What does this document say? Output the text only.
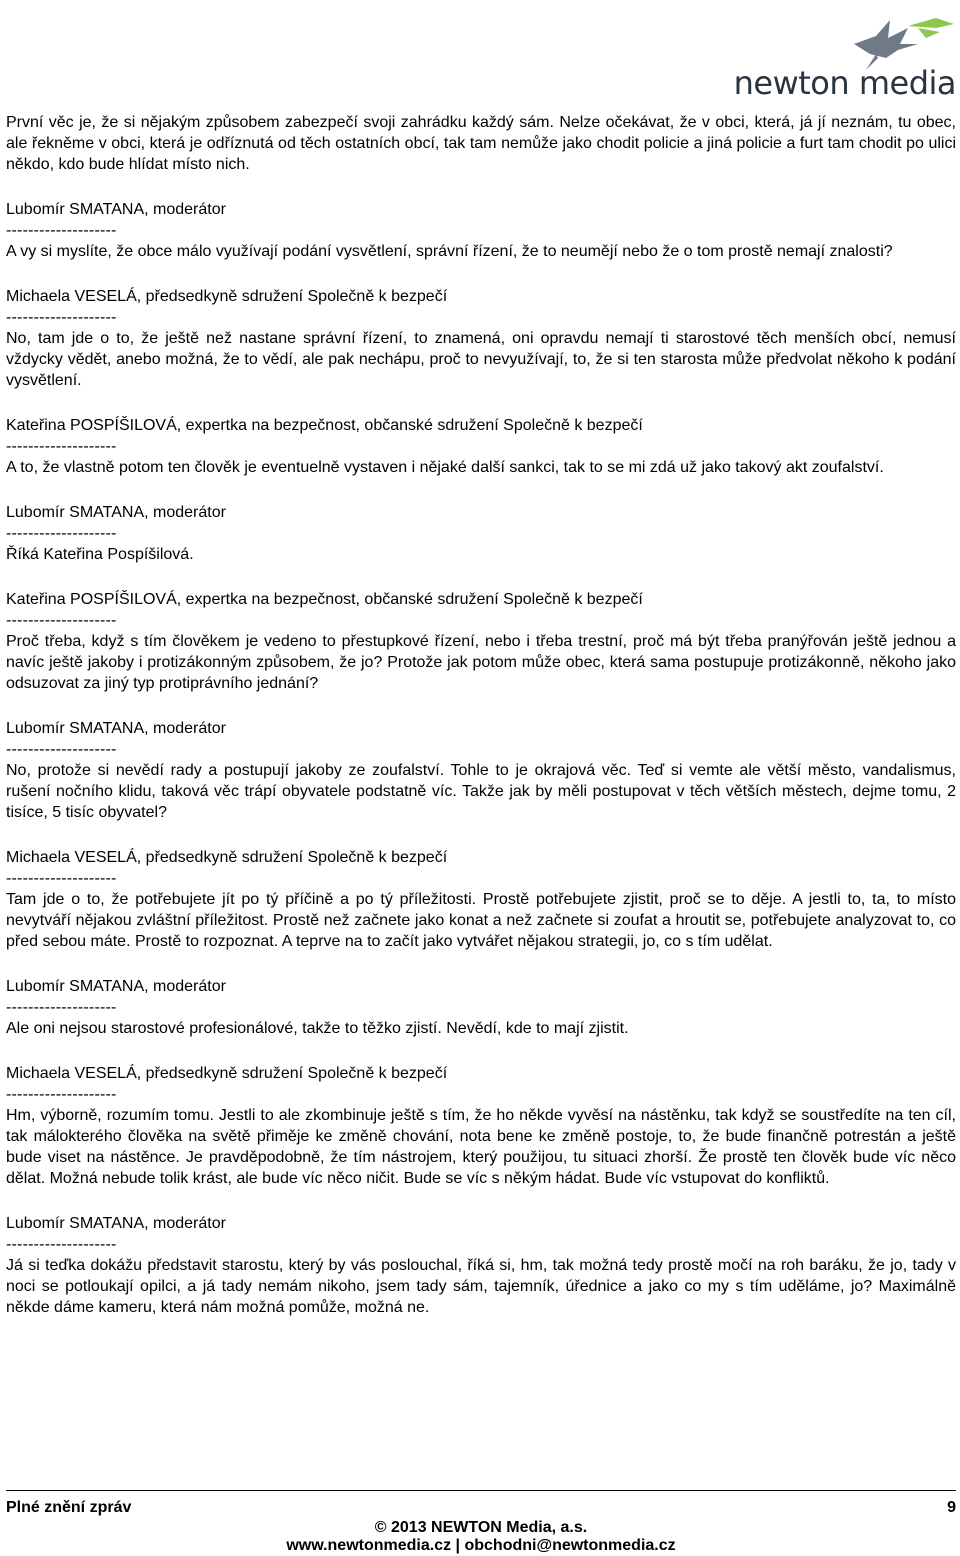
newton media

První věc je, že si nějakým způsobem zabezpečí svoji zahrádku každý sám. Nelze očekávat, že v obci, která, já jí neznám, tu obec, ale řekněme v obci, která je odříznutá od těch ostatních obcí, tak tam nemůže jako chodit policie a jiná policie a furt tam chodit po ulici někdo, kdo bude hlídat místo nich.

Lubomír SMATANA, moderátor

--------------------

A vy si myslíte, že obce málo využívají podání vysvětlení, správní řízení, že to neumějí nebo že o tom prostě nemají znalosti?

Michaela VESELÁ, předsedkyně sdružení Společně k bezpečí

--------------------

No, tam jde o to, že ještě než nastane správní řízení, to znamená, oni opravdu nemají ti starostové těch menších obcí, nemusí vždycky vědět, anebo možná, že to vědí, ale pak nechápu, proč to nevyužívají, to, že si ten starosta může předvolat někoho k podání vysvětlení.

Kateřina POSPÍŠILOVÁ, expertka na bezpečnost, občanské sdružení Společně k bezpečí

--------------------

A to, že vlastně potom ten člověk je eventuelně vystaven i nějaké další sankci, tak to se mi zdá už jako takový akt zoufalství.

Lubomír SMATANA, moderátor

--------------------

Říká Kateřina Pospíšilová.

Kateřina POSPÍŠILOVÁ, expertka na bezpečnost, občanské sdružení Společně k bezpečí

--------------------

Proč třeba, když s tím člověkem je vedeno to přestupkové řízení, nebo i třeba trestní, proč má být třeba pranýřován ještě jednou a navíc ještě jakoby i protizákonným způsobem, že jo? Protože jak potom může obec, která sama postupuje protizákonně, někoho jako odsuzovat za jiný typ protiprávního jednání?

Lubomír SMATANA, moderátor

--------------------

No, protože si nevědí rady a postupují jakoby ze zoufalství. Tohle to je okrajová věc. Teď si vemte ale větší město, vandalismus, rušení nočního klidu, taková věc trápí obyvatele podstatně víc. Takže jak by měli postupovat v těch větších městech, dejme tomu, 2 tisíce, 5 tisíc obyvatel?

Michaela VESELÁ, předsedkyně sdružení Společně k bezpečí

--------------------

Tam jde o to, že potřebujete jít po tý příčině a po tý příležitosti. Prostě potřebujete zjistit, proč se to děje. A jestli to, ta, to místo nevytváří nějakou zvláštní příležitost. Prostě než začnete jako konat a než začnete si zoufat a hroutit se, potřebujete analyzovat to, co před sebou máte. Prostě to rozpoznat. A teprve na to začít jako vytvářet nějakou strategii, jo, co s tím udělat.

Lubomír SMATANA, moderátor

--------------------

Ale oni nejsou starostové profesionálové, takže to těžko zjistí. Nevědí, kde to mají zjistit.

Michaela VESELÁ, předsedkyně sdružení Společně k bezpečí

--------------------

Hm, výborně, rozumím tomu. Jestli to ale zkombinuje ještě s tím, že ho někde vyvěsí na nástěnku, tak když se soustředíte na ten cíl, tak málokterého člověka na světě přiměje ke změně chování, nota bene ke změně postoje, to, že bude finančně potrestán a ještě bude viset na nástěnce. Je pravděpodobně, že tím nástrojem, který použijou, tu situaci zhorší. Že prostě ten člověk bude víc něco dělat. Možná nebude tolik krást, ale bude víc něco ničit. Bude se víc s někým hádat. Bude víc vstupovat do konfliktů.

Lubomír SMATANA, moderátor

--------------------

Já si teďka dokážu představit starostu, který by vás poslouchal, říká si, hm, tak možná tedy prostě močí na roh baráku, že jo, tady v noci se potloukají opilci, a já tady nemám nikoho, jsem tady sám, tajemník, úřednice a jako co my s tím uděláme, jo? Maximálně někde dáme kameru, která nám možná pomůže, možná ne.

Plné znění zpráv	9
© 2013 NEWTON Media, a.s.
www.newtonmedia.cz | obchodni@newtonmedia.cz
